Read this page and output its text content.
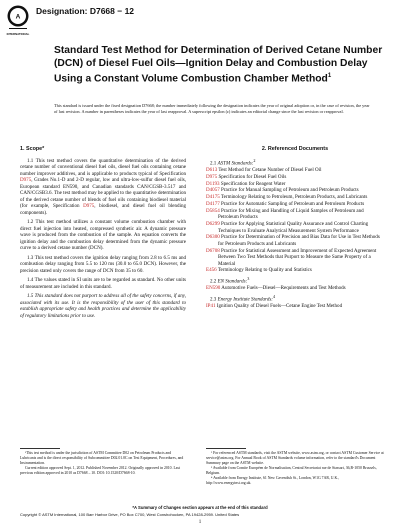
A
INTERNATIONAL
Designation: D7668 − 12
Standard Test Method for Determination of Derived Cetane Number (DCN) of Diesel Fuel Oils—Ignition Delay and Combustion Delay Using a Constant Volume Combustion Chamber Method$^1$
This standard is issued under the fixed designation D7668; the number immediately following the designation indicates the year of original adoption or, in the case of revision, the year of last revision. A number in parentheses indicates the year of last reapproval. A superscript epsilon (ε) indicates an editorial change since the last revision or reapproval.
1. Scope*

1.1 This test method covers the quantitative determination of the derived cetane number of conventional diesel fuel oils, diesel fuel oils containing cetane number improver additives, and is applicable to products typical of Specification D975, Grades No.1-D and 2-D regular, low and ultra-low-sulfur diesel fuel oils, European standard EN590, and Canadian standards CAN/CGSB-3.517 and CAN/CGSB3.6. The test method may be applied to the quantitative determination of the derived cetane number of blends of fuel oils containing biodiesel material (for example, Specification D975, biodiesel, and diesel fuel oil blending components).

1.2 This test method utilizes a constant volume combustion chamber with direct fuel injection into heated, compressed synthetic air. A dynamic pressure wave is produced from the combustion of the sample. An equation converts the ignition delay and the combustion delay determined from the dynamic pressure curve to a derived cetane number (DCN).

1.3 This test method covers the ignition delay ranging from 2.8 to 6.5 ms and combustion delay ranging from 5.5 to 120 ms (30.0 to 65.0 DCN). However, the precision stated only covers the range of DCN from 35 to 60.

1.4 The values stated in SI units are to be regarded as standard. No other units of measurement are included in this standard.

1.5 This standard does not purport to address all of the safety concerns, if any, associated with its use. It is the responsibility of the user of this standard to establish appropriate safety and health practices and determine the applicability of regulatory limitations prior to use.

2. Referenced Documents
2.1 ASTM Standards:$^2$
D613 Test Method for Cetane Number of Diesel Fuel Oil
D975 Specification for Diesel Fuel Oils
D1193 Specification for Reagent Water
D4057 Practice for Manual Sampling of Petroleum and Petroleum Products
D4175 Terminology Relating to Petroleum, Petroleum Products, and Lubricants
D4177 Practice for Automatic Sampling of Petroleum and Petroleum Products
D5854 Practice for Mixing and Handling of Liquid Samples of Petroleum and Petroleum Products
D6299 Practice for Applying Statistical Quality Assurance and Control Charting Techniques to Evaluate Analytical Measurement System Performance
D6300 Practice for Determination of Precision and Bias Data for Use in Test Methods for Petroleum Products and Lubricants
D6708 Practice for Statistical Assessment and Improvement of Expected Agreement Between Two Test Methods that Purport to Measure the Same Property of a Material
E456 Terminology Relating to Quality and Statistics
2.2 EN Standards:$^3$
EN590 Automotive Fuels—Diesel—Requirements and Test Methods
2.3 Energy Institute Standards:$^4$
IP41 Ignition Quality of Diesel Fuels—Cetane Engine Test Method

¹This test method is under the jurisdiction of ASTM Committee D02 on Petroleum Products and Lubricants and is the direct responsibility of Subcommittee D02.01.0C on Test Equipment, Procedures, and Instrumentation.

Current edition approved Sept. 1, 2012. Published November 2012. Originally approved in 2010. Last previous edition approved in 2010 as D7668 – 10. DOI: 10.1520/D7668-10.

² For referenced ASTM standards, visit the ASTM website, www.astm.org, or contact ASTM Customer Service at service@astm.org. For Annual Book of ASTM Standards volume information, refer to the standard's Document Summary page on the ASTM website.

³ Available from Comite Européen de Normalisation, Central Secretariat rue de Stassart, 36,B-1050 Brussels, Belgium.

⁴ Available from Energy Institute, 61 New Cavendish St., London, W1G 7AR, U.K., http://www.energyinst.org.uk.

*A Summary of Changes section appears at the end of this standard
Copyright © ASTM International, 100 Barr Harbor Drive, PO Box C700, West Conshohocken, PA 19428-2959. United States
1
